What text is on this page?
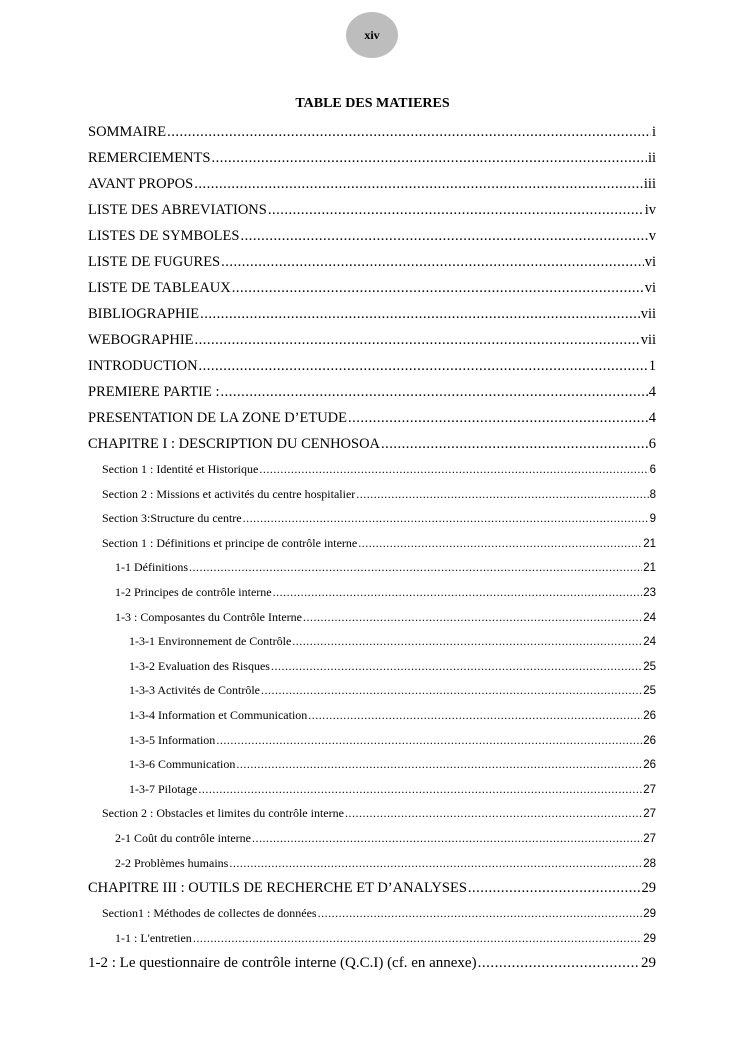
xiv
TABLE DES MATIERES
SOMMAIRE .....	i
REMERCIEMENTS .....	ii
AVANT PROPOS .....	iii
LISTE DES ABREVIATIONS .....	iv
LISTES DE SYMBOLES .....	v
LISTE DE FUGURES .....	vi
LISTE DE TABLEAUX .....	vi
BIBLIOGRAPHIE .....	vii
WEBOGRAPHIE .....	vii
INTRODUCTION .....	1
PREMIERE PARTIE : .....	4
PRESENTATION DE LA ZONE D’ETUDE .....	4
CHAPITRE I : DESCRIPTION DU CENHOSOA .....	6
Section 1 : Identité et Historique .....	6
Section 2 : Missions et activités du centre hospitalier .....	8
Section 3:Structure du centre .....	9
Section 1 : Définitions et principe de contrôle interne .....	21
1-1 Définitions .....	21
1-2 Principes de contrôle interne .....	23
1-3 : Composantes du Contrôle Interne .....	24
1-3-1 Environnement de Contrôle .....	24
1-3-2 Evaluation des Risques .....	25
1-3-3 Activités de Contrôle .....	25
1-3-4 Information et Communication .....	26
1-3-5 Information .....	26
1-3-6 Communication .....	26
1-3-7 Pilotage .....	27
Section 2 : Obstacles et limites du contrôle interne .....	27
2-1 Coût du contrôle interne .....	27
2-2 Problèmes humains .....	28
CHAPITRE III : OUTILS DE RECHERCHE ET D’ANALYSES .....	29
Section1 : Méthodes de collectes de données .....	29
1-1 : L'entretien .....	29
1-2 : Le questionnaire de contrôle interne (Q.C.I) (cf. en annexe) .....	29
